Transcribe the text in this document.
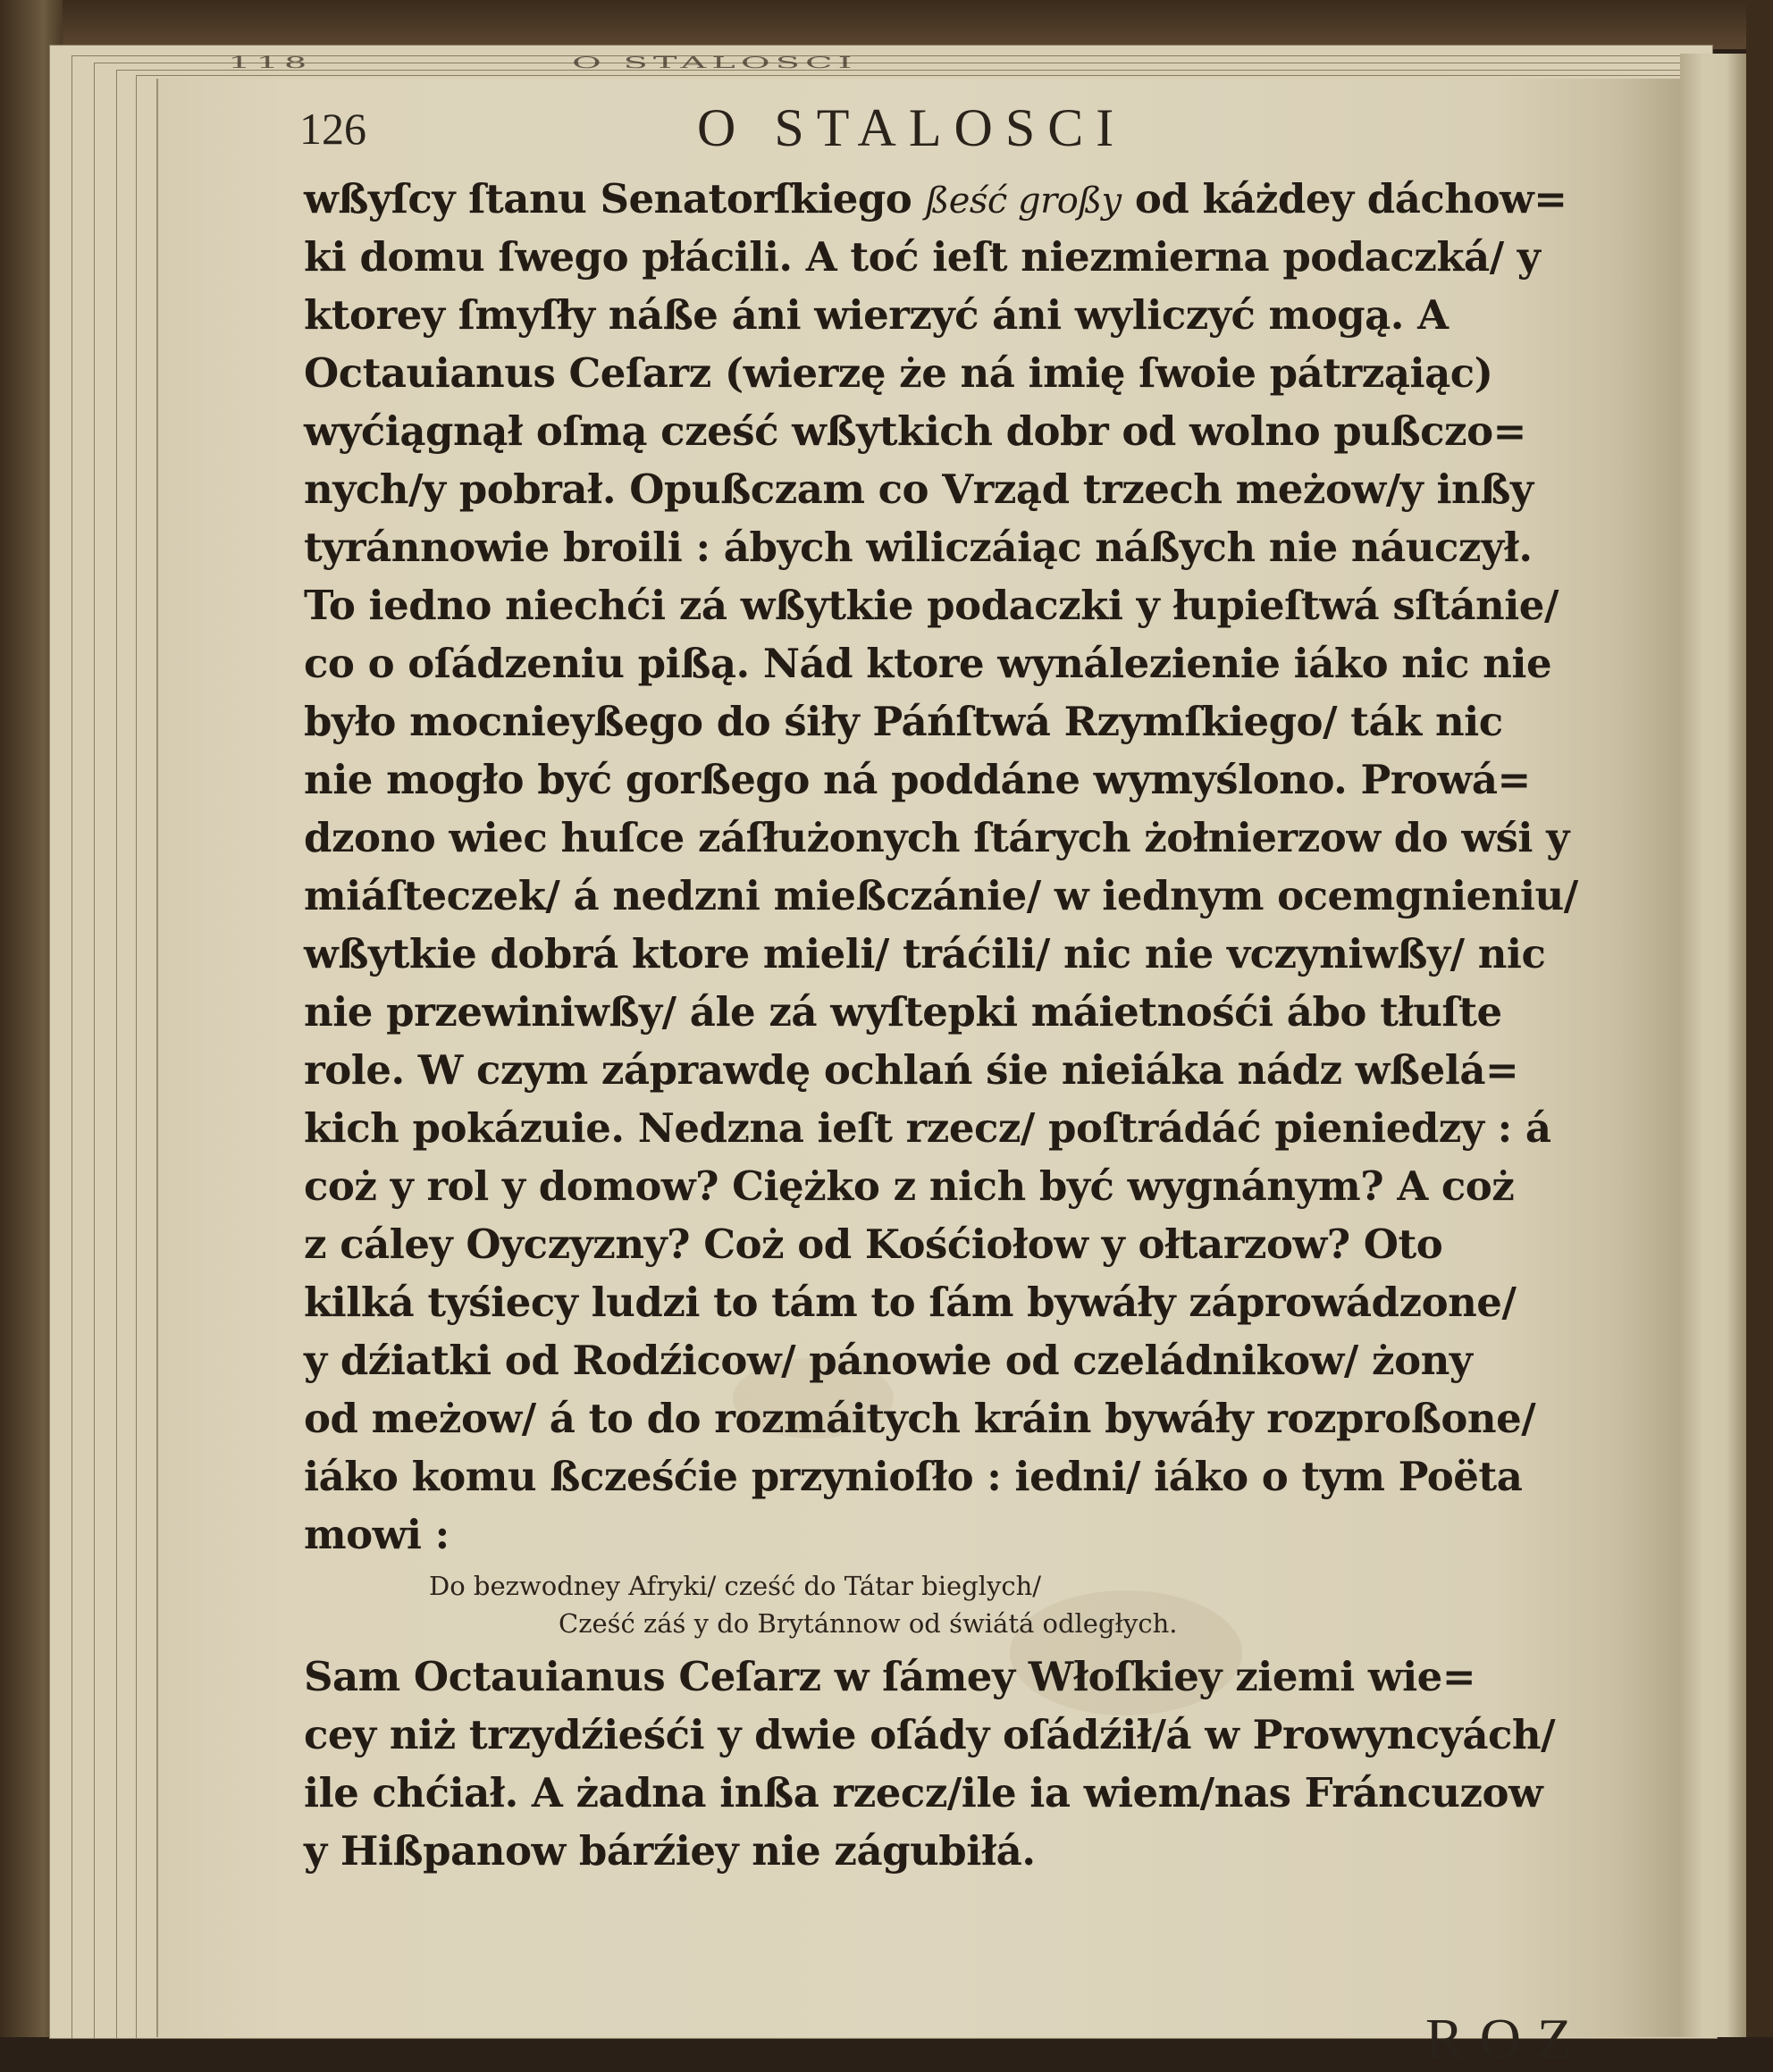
118	O STALOSCI
126	O STALOSCI
wßyſcy ſtanu Senatorſkiego ßeść großy od káżdey dáchow=
ki domu ſwego płácili. A toć ieſt niezmierna podaczká/ y
ktorey ſmyſły náße áni wierzyć áni wyliczyć mogą. A
Octauianus Ceſarz (wierzę że ná imię ſwoie pátrząiąc)
wyćiągnął oſmą cześć wßytkich dobr od wolno pußczo=
nych/y pobrał. Opußczam co Vrząd trzech meżow/y inßy
tyránnowie broili : ábych wiliczáiąc náßych nie náuczył.
To iedno niechći zá wßytkie podaczki y łupieſtwá sſtánie/
co o oſádzeniu pißą. Nád ktore wynálezienie iáko nic nie
było mocnieyßego do śiły Páńſtwá Rzymſkiego/ ták nic
nie mogło być gorßego ná poddáne wymyślono. Prowá=
dzono wiec huſce záſłużonych ſtárych żołnierzow do wśi y
miáſteczek/ á nedzni mießczánie/ w iednym ocemgnieniu/
wßytkie dobrá ktore mieli/ tráćili/ nic nie vczyniwßy/ nic
nie przewiniwßy/ ále zá wyſtepki máietnośći ábo tłuſte
role. W czym záprawdę ochlań śie nieiáka nádz wßelá=
kich pokázuie. Nedzna ieſt rzecz/ poſtrádáć pieniedzy : á
coż y rol y domow? Ciężko z nich być wygnánym? A coż
z cáley Oyczyzny? Coż od Kośćiołow y ołtarzow? Oto
kilká tyśiecy ludzi to tám to ſám bywáły záprowádzone/
y dźiatki od Rodźicow/ pánowie od czeládnikow/ żony
od meżow/ á to do rozmáitych kráin bywáły rozproßone/
iáko komu ßcześćie przynioſło : iedni/ iáko o tym Poëta
mowi :
Do bezwodney Afryki/ cześć do Tátar bieglych/
Cześć záś y do Brytánnow od świátá odległych.
Sam Octauianus Ceſarz w ſámey Włoſkiey ziemi wie=
cey niż trzydźieśći y dwie oſády oſádźił/á w Prowyncyách/
ile chćiał. A żadna inßa rzecz/ile ia wiem/nas Fráncuzow
y Hißpanow bárźiey nie zágubiłá.
ROZ
